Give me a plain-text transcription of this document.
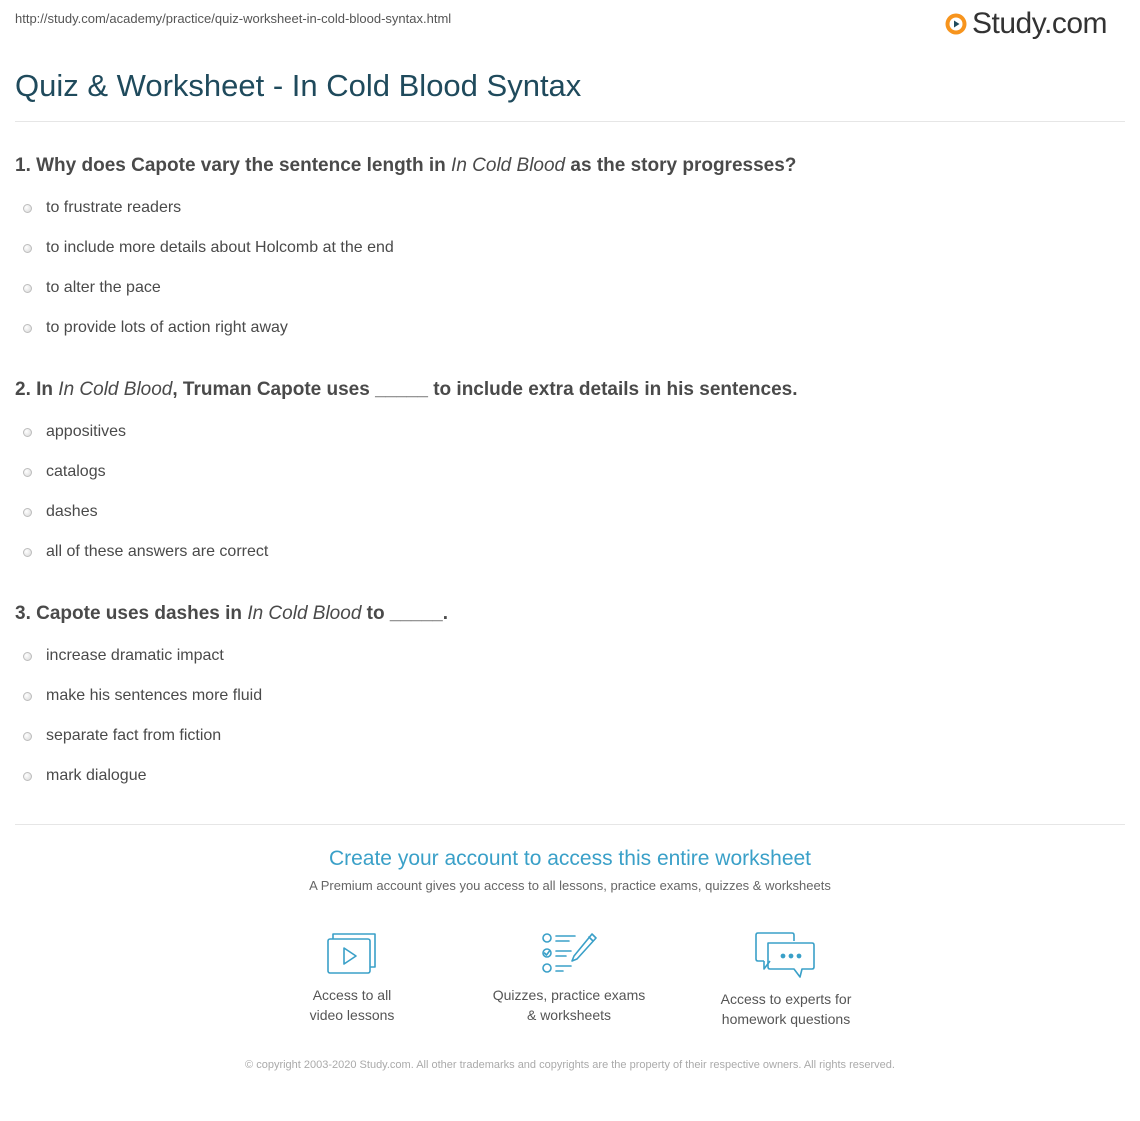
http://study.com/academy/practice/quiz-worksheet-in-cold-blood-syntax.html	Study.com
Quiz & Worksheet - In Cold Blood Syntax
1. Why does Capote vary the sentence length in In Cold Blood as the story progresses?
to frustrate readers
to include more details about Holcomb at the end
to alter the pace
to provide lots of action right away
2. In In Cold Blood, Truman Capote uses _____ to include extra details in his sentences.
appositives
catalogs
dashes
all of these answers are correct
3. Capote uses dashes in In Cold Blood to _____.
increase dramatic impact
make his sentences more fluid
separate fact from fiction
mark dialogue
Create your account to access this entire worksheet
A Premium account gives you access to all lessons, practice exams, quizzes & worksheets
Access to all
video lessons
Quizzes, practice exams
& worksheets
Access to experts for
homework questions
© copyright 2003-2020 Study.com. All other trademarks and copyrights are the property of their respective owners. All rights reserved.
